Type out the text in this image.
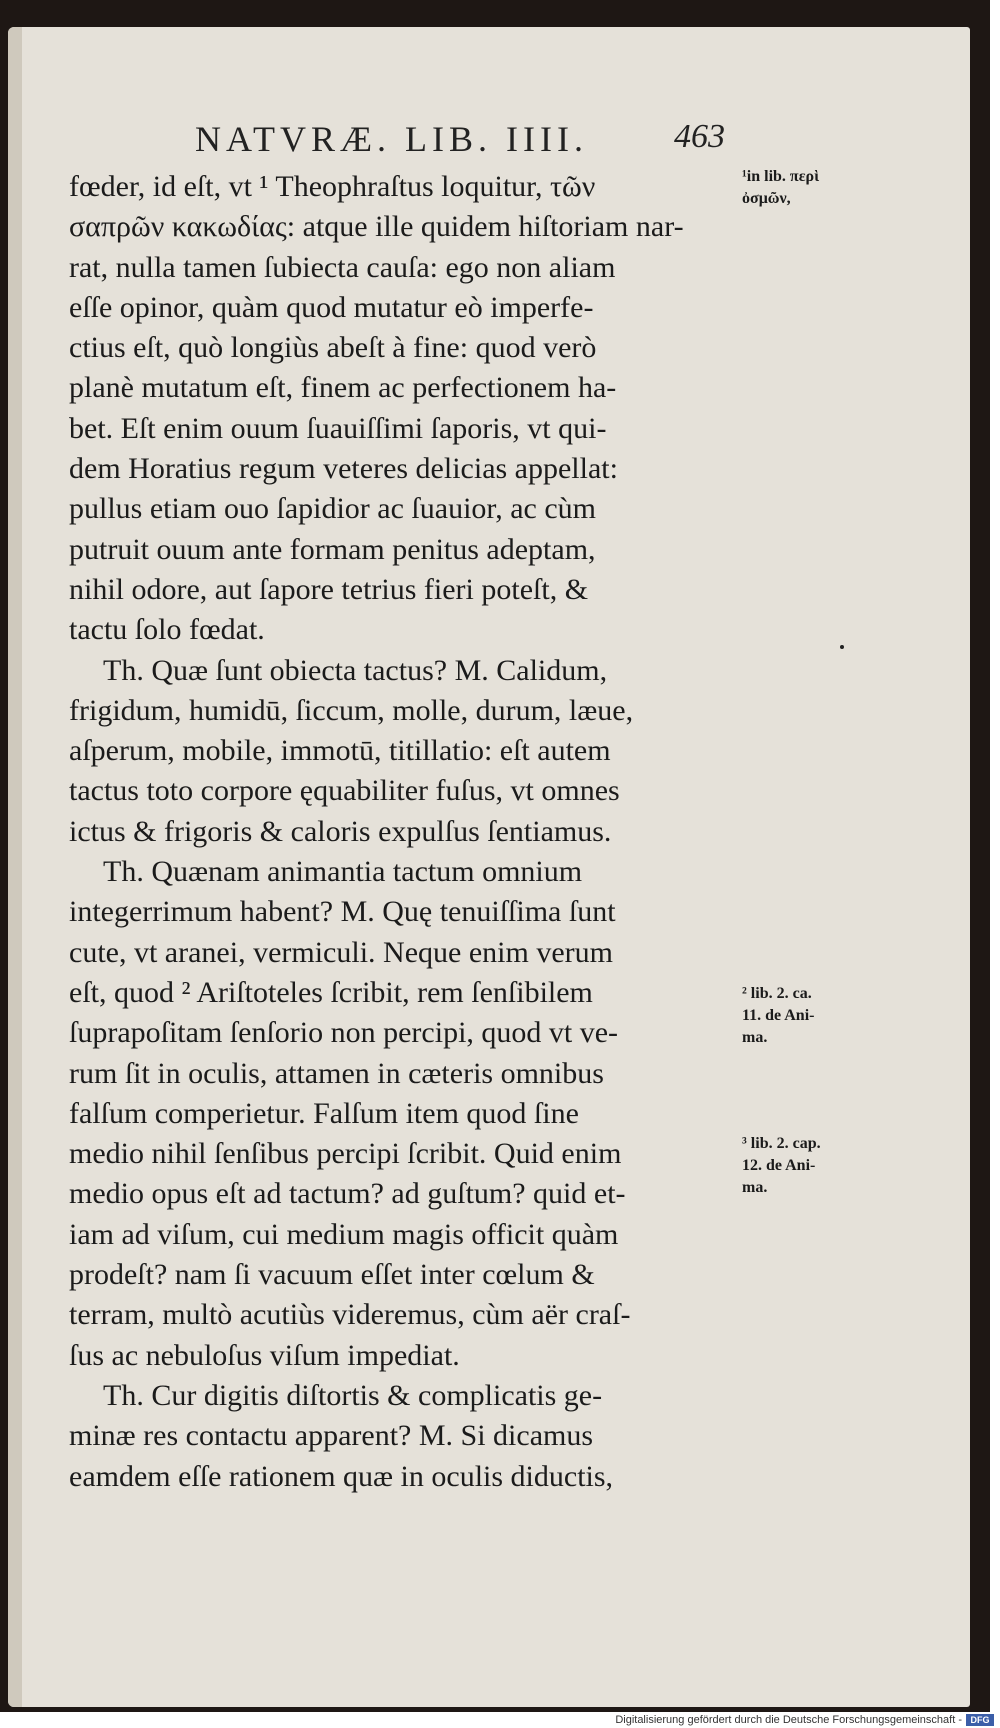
NATVRÆ. LIB. IIII.	463
fœder, id eſt, vt ¹ Theophraſtus loquitur, τῶν
σαπρῶν κακωδίας: atque ille quidem hiſtoriam nar-
rat, nulla tamen ſubiecta cauſa: ego non aliam
eſſe opinor, quàm quod mutatur eò imperfe-
ctius eſt, quò longiùs abeſt à fine: quod verò
planè mutatum eſt, finem ac perfectionem ha-
bet. Eſt enim ouum ſuauiſſimi ſaporis, vt qui-
dem Horatius regum veteres delicias appellat:
pullus etiam ouo ſapidior ac ſuauior, ac cùm
putruit ouum ante formam penitus adeptam,
nihil odore, aut ſapore tetrius fieri poteſt, &
tactu ſolo fœdat.
Th. Quæ ſunt obiecta tactus? M. Calidum,
frigidum, humidū, ſiccum, molle, durum, læue,
aſperum, mobile, immotū, titillatio: eſt autem
tactus toto corpore ęquabiliter fuſus, vt omnes
ictus & frigoris & caloris expulſus ſentiamus.
Th. Quænam animantia tactum omnium
integerrimum habent? M. Quę tenuiſſima ſunt
cute, vt aranei, vermiculi. Neque enim verum
eſt, quod ² Ariſtoteles ſcribit, rem ſenſibilem
ſuprapoſitam ſenſorio non percipi, quod vt ve-
rum ſit in oculis, attamen in cæteris omnibus
falſum comperietur. Falſum item quod ſine
medio nihil ſenſibus percipi ſcribit. Quid enim
medio opus eſt ad tactum? ad guſtum? quid et-
iam ad viſum, cui medium magis officit quàm
prodeſt? nam ſi vacuum eſſet inter cœlum &
terram, multò acutiùs videremus, cùm aër craſ-
ſus ac nebuloſus viſum impediat.
Th. Cur digitis diſtortis & complicatis ge-
minæ res contactu apparent? M. Si dicamus
eamdem eſſe rationem quæ in oculis diductis,
¹in lib. περὶ
ὀσμῶν,
² lib. 2. ca.
11. de Ani-
ma.
³ lib. 2. cap.
12. de Ani-
ma.
Digitalisierung gefördert durch die Deutsche Forschungsgemeinschaft - DFG
